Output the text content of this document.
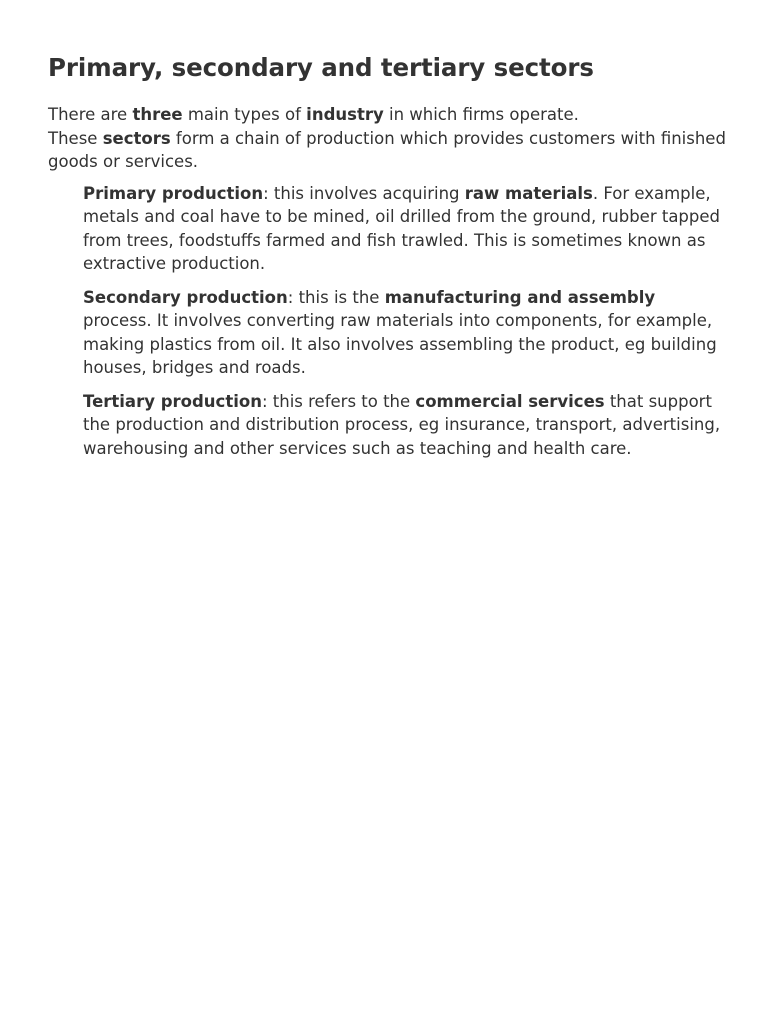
Primary, secondary and tertiary sectors

There are three main types of industry in which firms operate.

These sectors form a chain of production which provides customers with finished goods or services.

Primary production: this involves acquiring raw materials. For example, metals and coal have to be mined, oil drilled from the ground, rubber tapped from trees, foodstuffs farmed and fish trawled. This is sometimes known as extractive production.
Secondary production: this is the manufacturing and assembly process. It involves converting raw materials into components, for example, making plastics from oil. It also involves assembling the product, eg building houses, bridges and roads.
Tertiary production: this refers to the commercial services that support the production and distribution process, eg insurance, transport, advertising, warehousing and other services such as teaching and health care.
